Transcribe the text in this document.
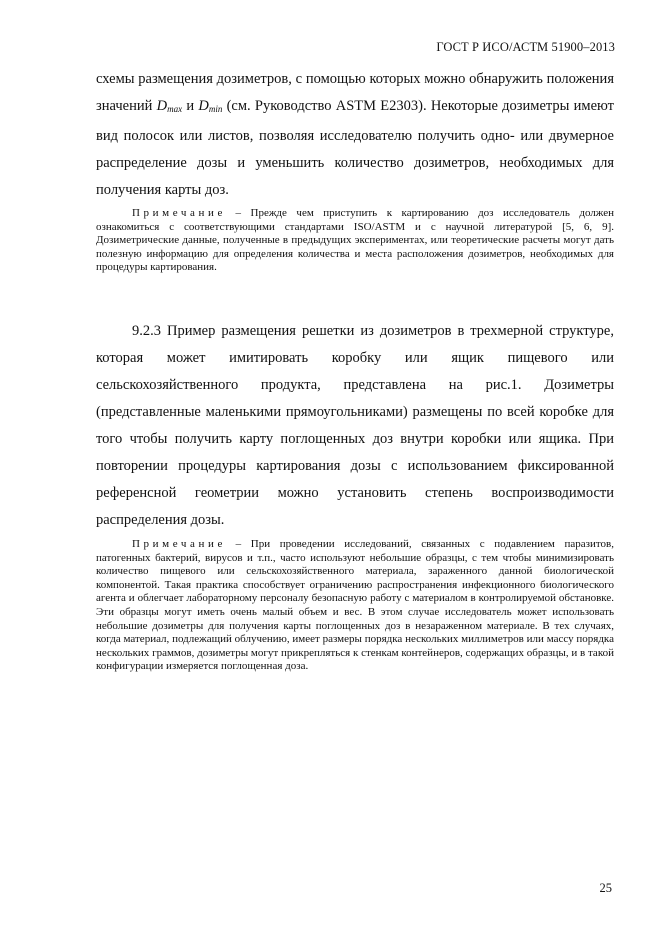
ГОСТ Р ИСО/АСТМ 51900–2013

схемы размещения дозиметров, с помощью которых можно обнаружить положения значений $D_{max}$ и $D_{min}$ (см. Руководство ASTM E2303). Некоторые дозиметры имеют вид полосок или листов, позволяя исследователю получить одно- или двумерное распределение дозы и уменьшить количество дозиметров, необходимых для получения карты доз.

Примечание – Прежде чем приступить к картированию доз исследователь должен ознакомиться с соответствующими стандартами ISO/ASTM и с научной литературой [5, 6, 9]. Дозиметрические данные, полученные в предыдущих экспериментах, или теоретические расчеты могут дать полезную информацию для определения количества и места расположения дозиметров, необходимых для процедуры картирования.

9.2.3 Пример размещения решетки из дозиметров в трехмерной структуре, которая может имитировать коробку или ящик пищевого или сельскохозяйственного продукта, представлена на рис.1. Дозиметры (представленные маленькими прямоугольниками) размещены по всей коробке для того чтобы получить карту поглощенных доз внутри коробки или ящика. При повторении процедуры картирования дозы с использованием фиксированной референсной геометрии можно установить степень воспроизводимости распределения дозы.

Примечание – При проведении исследований, связанных с подавлением паразитов, патогенных бактерий, вирусов и т.п., часто используют небольшие образцы, с тем чтобы минимизировать количество пищевого или сельскохозяйственного материала, зараженного данной биологической компонентой. Такая практика способствует ограничению распространения инфекционного биологического агента и облегчает лабораторному персоналу безопасную работу с материалом в контролируемой обстановке. Эти образцы могут иметь очень малый объем и вес. В этом случае исследователь может использовать небольшие дозиметры для получения карты поглощенных доз в незараженном материале. В тех случаях, когда материал, подлежащий облучению, имеет размеры порядка нескольких миллиметров или массу порядка нескольких граммов, дозиметры могут прикрепляться к стенкам контейнеров, содержащих образцы, и в такой конфигурации измеряется поглощенная доза.

25
